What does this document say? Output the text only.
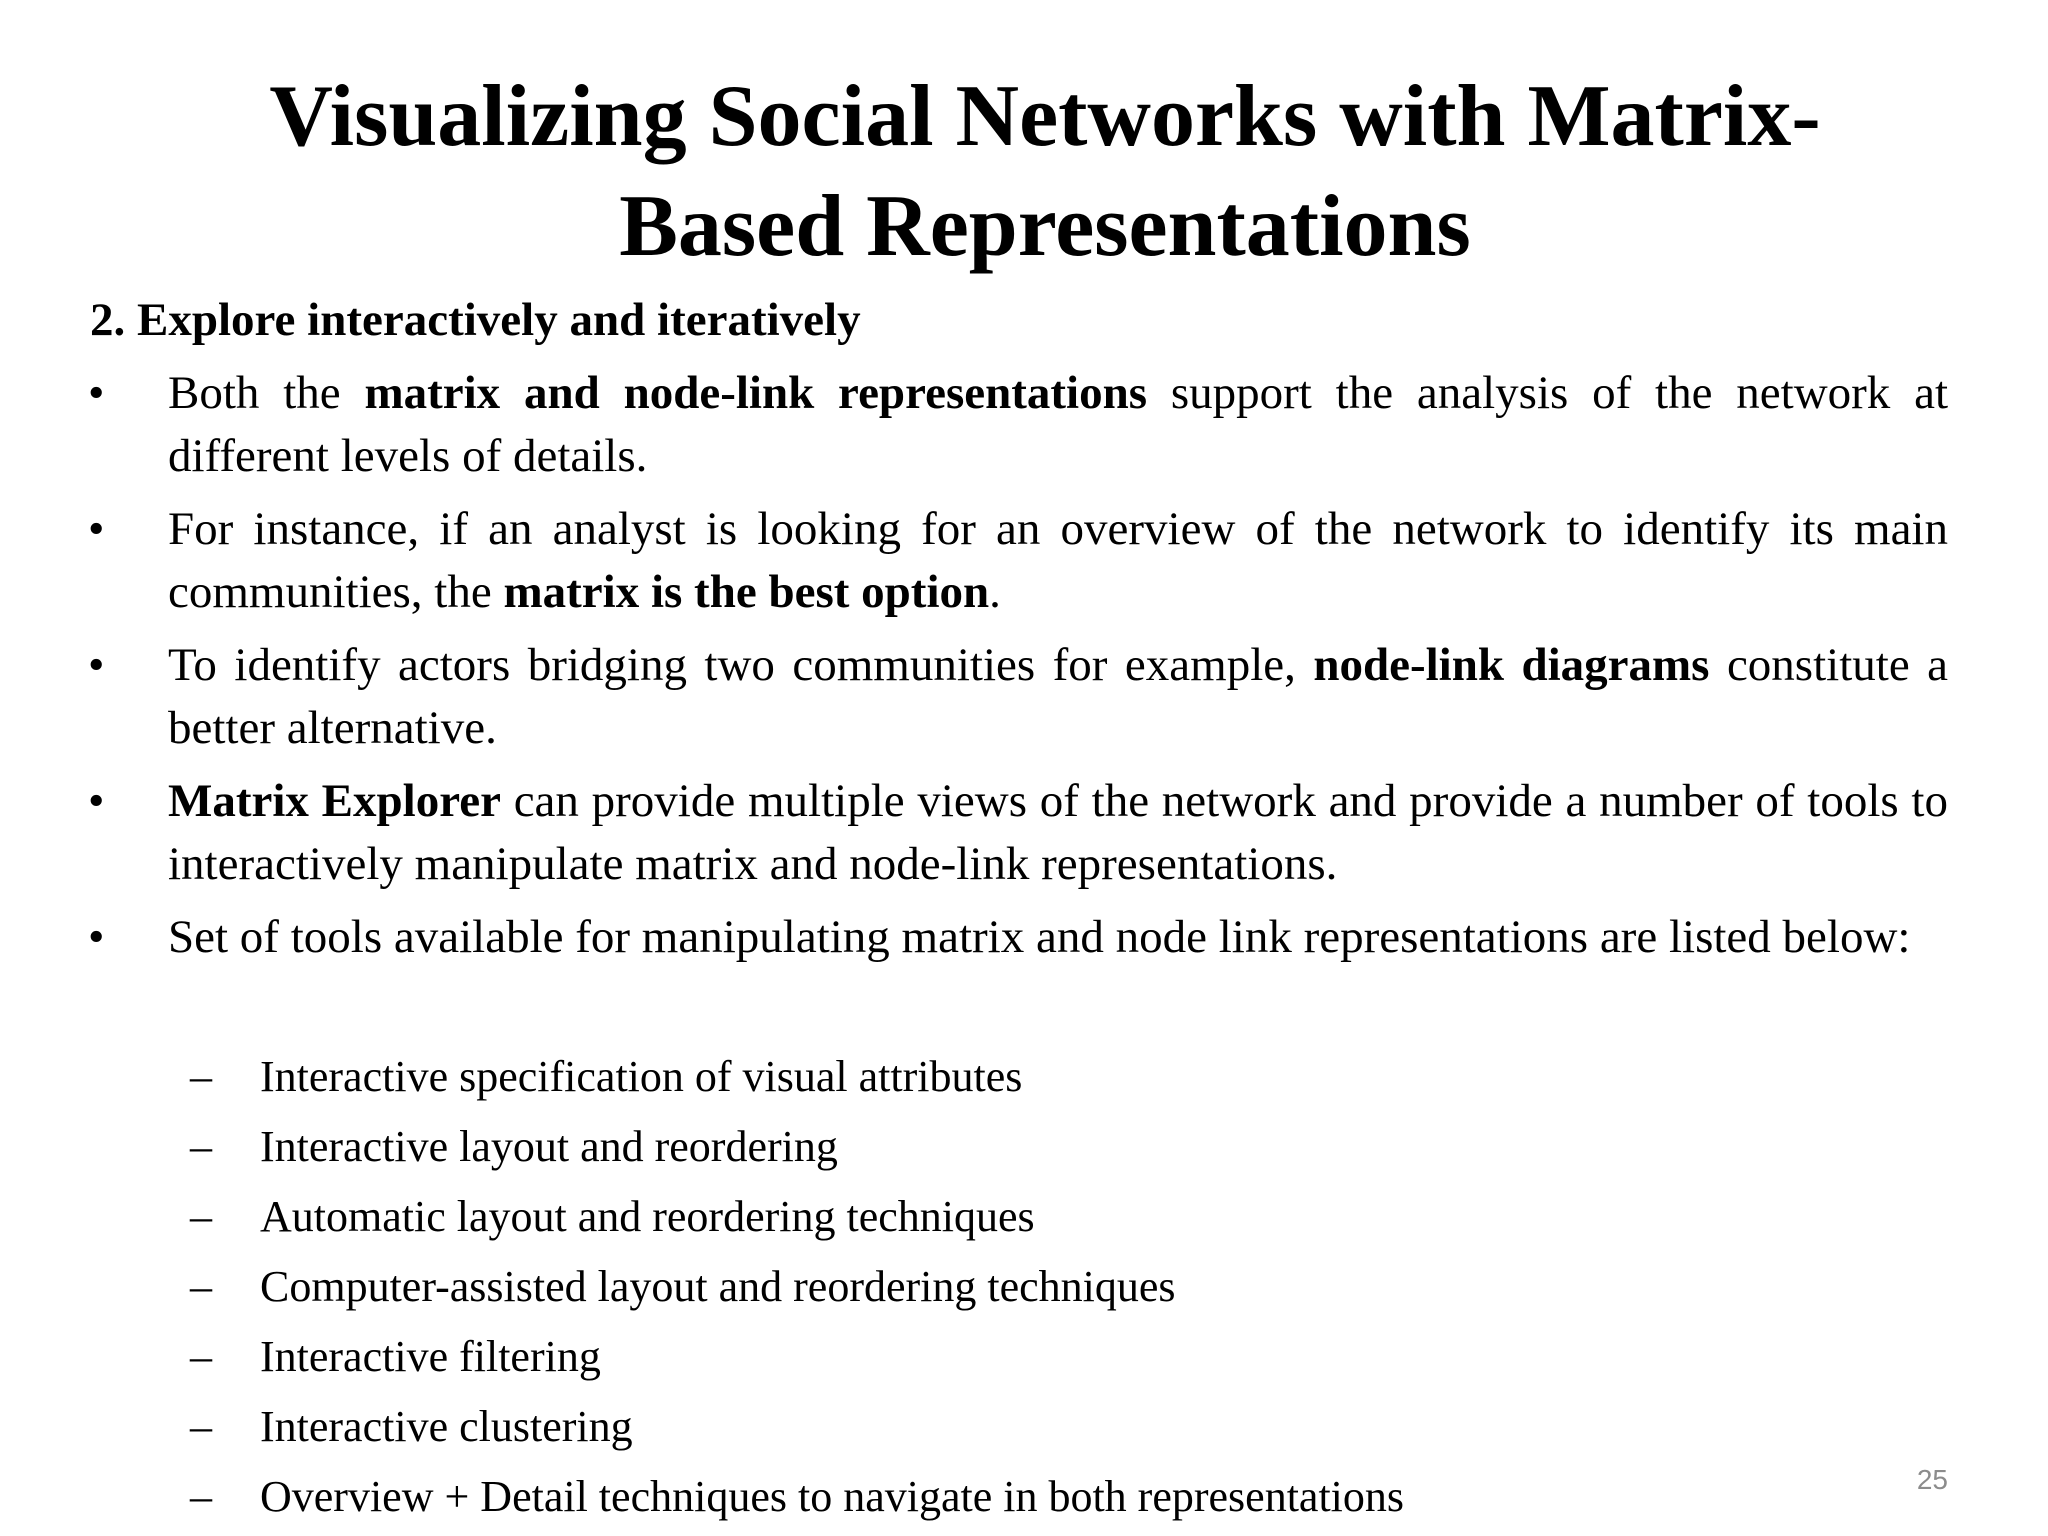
Visualizing Social Networks with Matrix-
Based Representations
2. Explore interactively and iteratively
• Both the matrix and node-link representations support the analysis of the network at different levels of details.
• For instance, if an analyst is looking for an overview of the network to identify its main communities, the matrix is the best option.
• To identify actors bridging two communities for example, node-link diagrams constitute a better alternative.
• Matrix Explorer can provide multiple views of the network and provide a number of tools to interactively manipulate matrix and node-link representations.
• Set of tools available for manipulating matrix and node link representations are listed below:
– Interactive specification of visual attributes
– Interactive layout and reordering
– Automatic layout and reordering techniques
– Computer-assisted layout and reordering techniques
– Interactive filtering
– Interactive clustering
– Overview + Detail techniques to navigate in both representations	25
